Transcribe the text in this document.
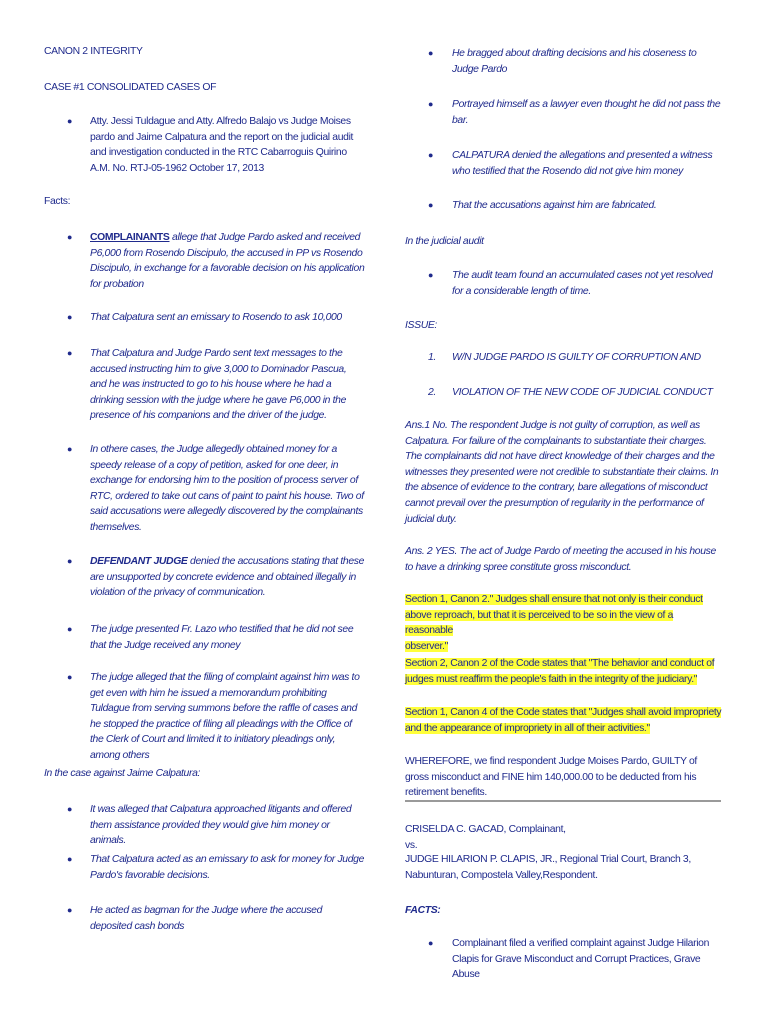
CANON 2 INTEGRITY
CASE #1 CONSOLIDATED CASES OF
● Atty. Jessi Tuldague and Atty. Alfredo Balajo vs Judge Moises pardo and Jaime Calpatura and the report on the judicial audit and investigation conducted in the RTC Cabarroguis Quirino A.M. No. RTJ-05-1962 October 17, 2013
Facts:
● COMPLAINANTS allege that Judge Pardo asked and received P6,000 from Rosendo Discipulo, the accused in PP vs Rosendo Discipulo, in exchange for a favorable decision on his application for probation
● That Calpatura sent an emissary to Rosendo to ask 10,000
● That Calpatura and Judge Pardo sent text messages to the accused instructing him to give 3,000 to Dominador Pascua, and he was instructed to go to his house where he had a drinking session with the judge where he gave P6,000 in the presence of his companions and the driver of the judge.
● In othere cases, the Judge allegedly obtained money for a speedy release of a copy of petition, asked for one deer, in exchange for endorsing him to the position of process server of RTC, ordered to take out cans of paint to paint his house. Two of said accusations were allegedly discovered by the complainants themselves.
● DEFENDANT JUDGE denied the accusations stating that these are unsupported by concrete evidence and obtained illegally in violation of the privacy of communication.
● The judge presented Fr. Lazo who testified that he did not see that the Judge received any money
● The judge alleged that the filing of complaint against him was to get even with him he issued a memorandum prohibiting Tuldague from serving summons before the raffle of cases and he stopped the practice of filing all pleadings with the Office of the Clerk of Court and limited it to initiatory pleadings only, among others
In the case against Jaime Calpatura:
● It was alleged that Calpatura approached litigants and offered them assistance provided they would give him money or animals.
● That Calpatura acted as an emissary to ask for money for Judge Pardo's favorable decisions.
● He acted as bagman for the Judge where the accused deposited cash bonds
● He bragged about drafting decisions and his closeness to Judge Pardo
● Portrayed himself as a lawyer even thought he did not pass the bar.
● CALPATURA denied the allegations and presented a witness who testified that the Rosendo did not give him money
● That the accusations against him are fabricated.
In the judicial audit
● The audit team found an accumulated cases not yet resolved for a considerable length of time.
ISSUE:
1. W/N JUDGE PARDO IS GUILTY OF CORRUPTION AND
2. VIOLATION OF THE NEW CODE OF JUDICIAL CONDUCT
Ans.1 No. The respondent Judge is not guilty of corruption, as well as Calpatura. For failure of the complainants to substantiate their charges. The complainants did not have direct knowledge of their charges and the witnesses they presented were not credible to substantiate their claims. In the absence of evidence to the contrary, bare allegations of misconduct cannot prevail over the presumption of regularity in the performance of judicial duty.
Ans. 2 YES. The act of Judge Pardo of meeting the accused in his house to have a drinking spree constitute gross misconduct.
Section 1, Canon 2." Judges shall ensure that not only is their conduct
above reproach, but that it is perceived to be so in the view of a reasonable
observer."
Section 2, Canon 2 of the Code states that "The behavior and conduct of
judges must reaffirm the people's faith in the integrity of the judiciary."
Section 1, Canon 4 of the Code states that "Judges shall avoid impropriety
and the appearance of impropriety in all of their activities."
WHEREFORE, we find respondent Judge Moises Pardo, GUILTY of gross misconduct and FINE him 140,000.00 to be deducted from his retirement benefits.
CRISELDA C. GACAD, Complainant,
vs.
JUDGE HILARION P. CLAPIS, JR., Regional Trial Court, Branch 3, Nabunturan, Compostela Valley,Respondent.
FACTS:
● Complainant filed a verified complaint against Judge Hilarion Clapis for Grave Misconduct and Corrupt Practices, Grave Abuse
